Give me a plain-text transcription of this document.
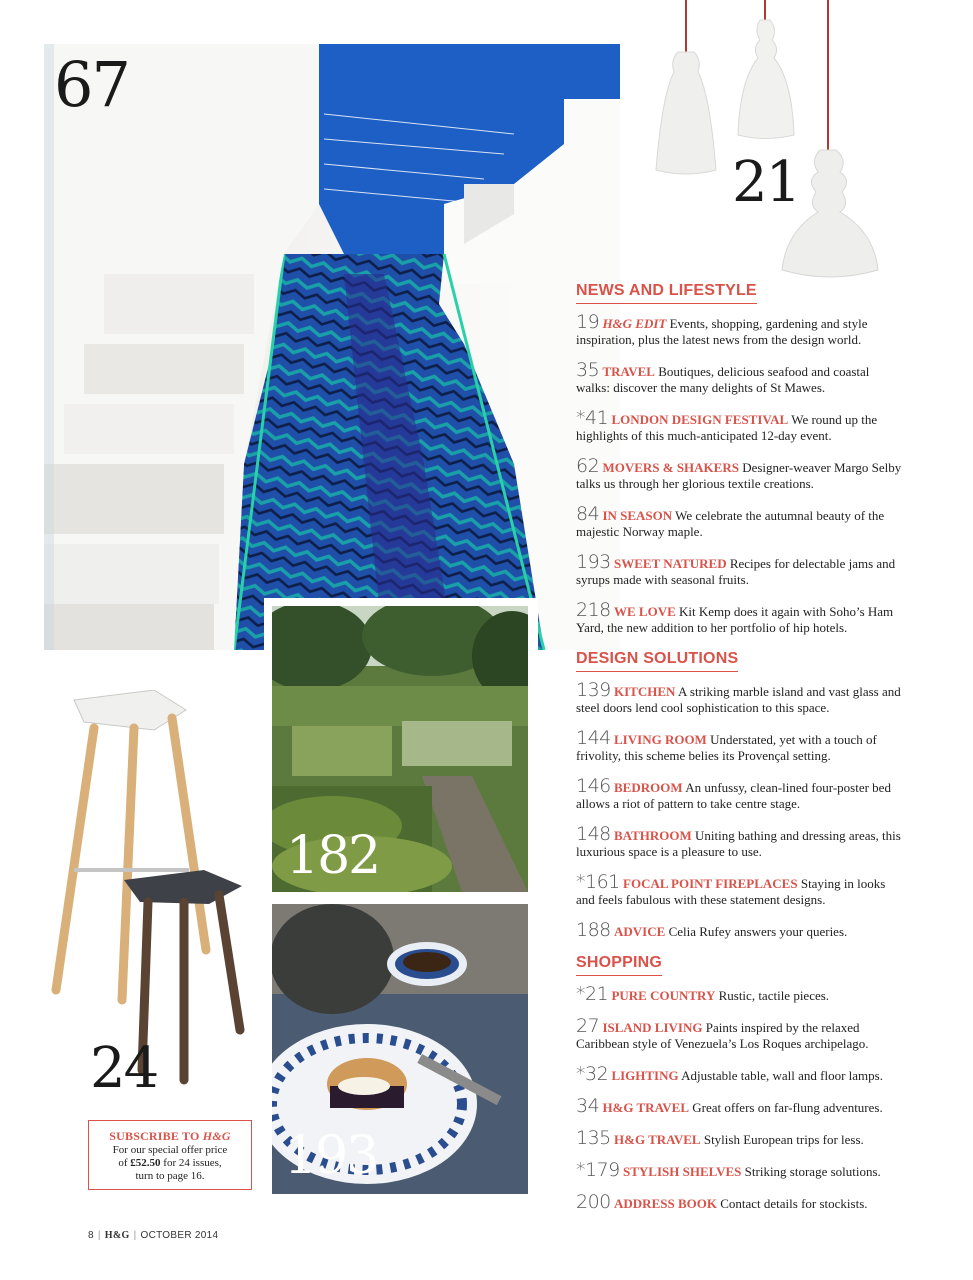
67
21
182
193
24
SUBSCRIBE TO H&G
For our special offer price
of £52.50 for 24 issues,
turn to page 16.
NEWS AND LIFESTYLE
19 H&G EDIT Events, shopping, gardening and style inspiration, plus the latest news from the design world.
35 TRAVEL Boutiques, delicious seafood and coastal walks: discover the many delights of St Mawes.
*41 LONDON DESIGN FESTIVAL We round up the highlights of this much-anticipated 12-day event.
62 MOVERS & SHAKERS Designer-weaver Margo Selby talks us through her glorious textile creations.
84 IN SEASON We celebrate the autumnal beauty of the majestic Norway maple.
193 SWEET NATURED Recipes for delectable jams and syrups made with seasonal fruits.
218 WE LOVE Kit Kemp does it again with Soho’s Ham Yard, the new addition to her portfolio of hip hotels.
DESIGN SOLUTIONS
139 KITCHEN A striking marble island and vast glass and steel doors lend cool sophistication to this space.
144 LIVING ROOM Understated, yet with a touch of frivolity, this scheme belies its Provençal setting.
146 BEDROOM An unfussy, clean-lined four-poster bed allows a riot of pattern to take centre stage.
148 BATHROOM Uniting bathing and dressing areas, this luxurious space is a pleasure to use.
*161 FOCAL POINT FIREPLACES Staying in looks and feels fabulous with these statement designs.
188 ADVICE Celia Rufey answers your queries.
SHOPPING
*21 PURE COUNTRY Rustic, tactile pieces.
27 ISLAND LIVING Paints inspired by the relaxed Caribbean style of Venezuela’s Los Roques archipelago.
*32 LIGHTING Adjustable table, wall and floor lamps.
34 H&G TRAVEL Great offers on far-flung adventures.
135 H&G TRAVEL Stylish European trips for less.
*179 STYLISH SHELVES Striking storage solutions.
200 ADDRESS BOOK Contact details for stockists.
8 | H&G | OCTOBER 2014
